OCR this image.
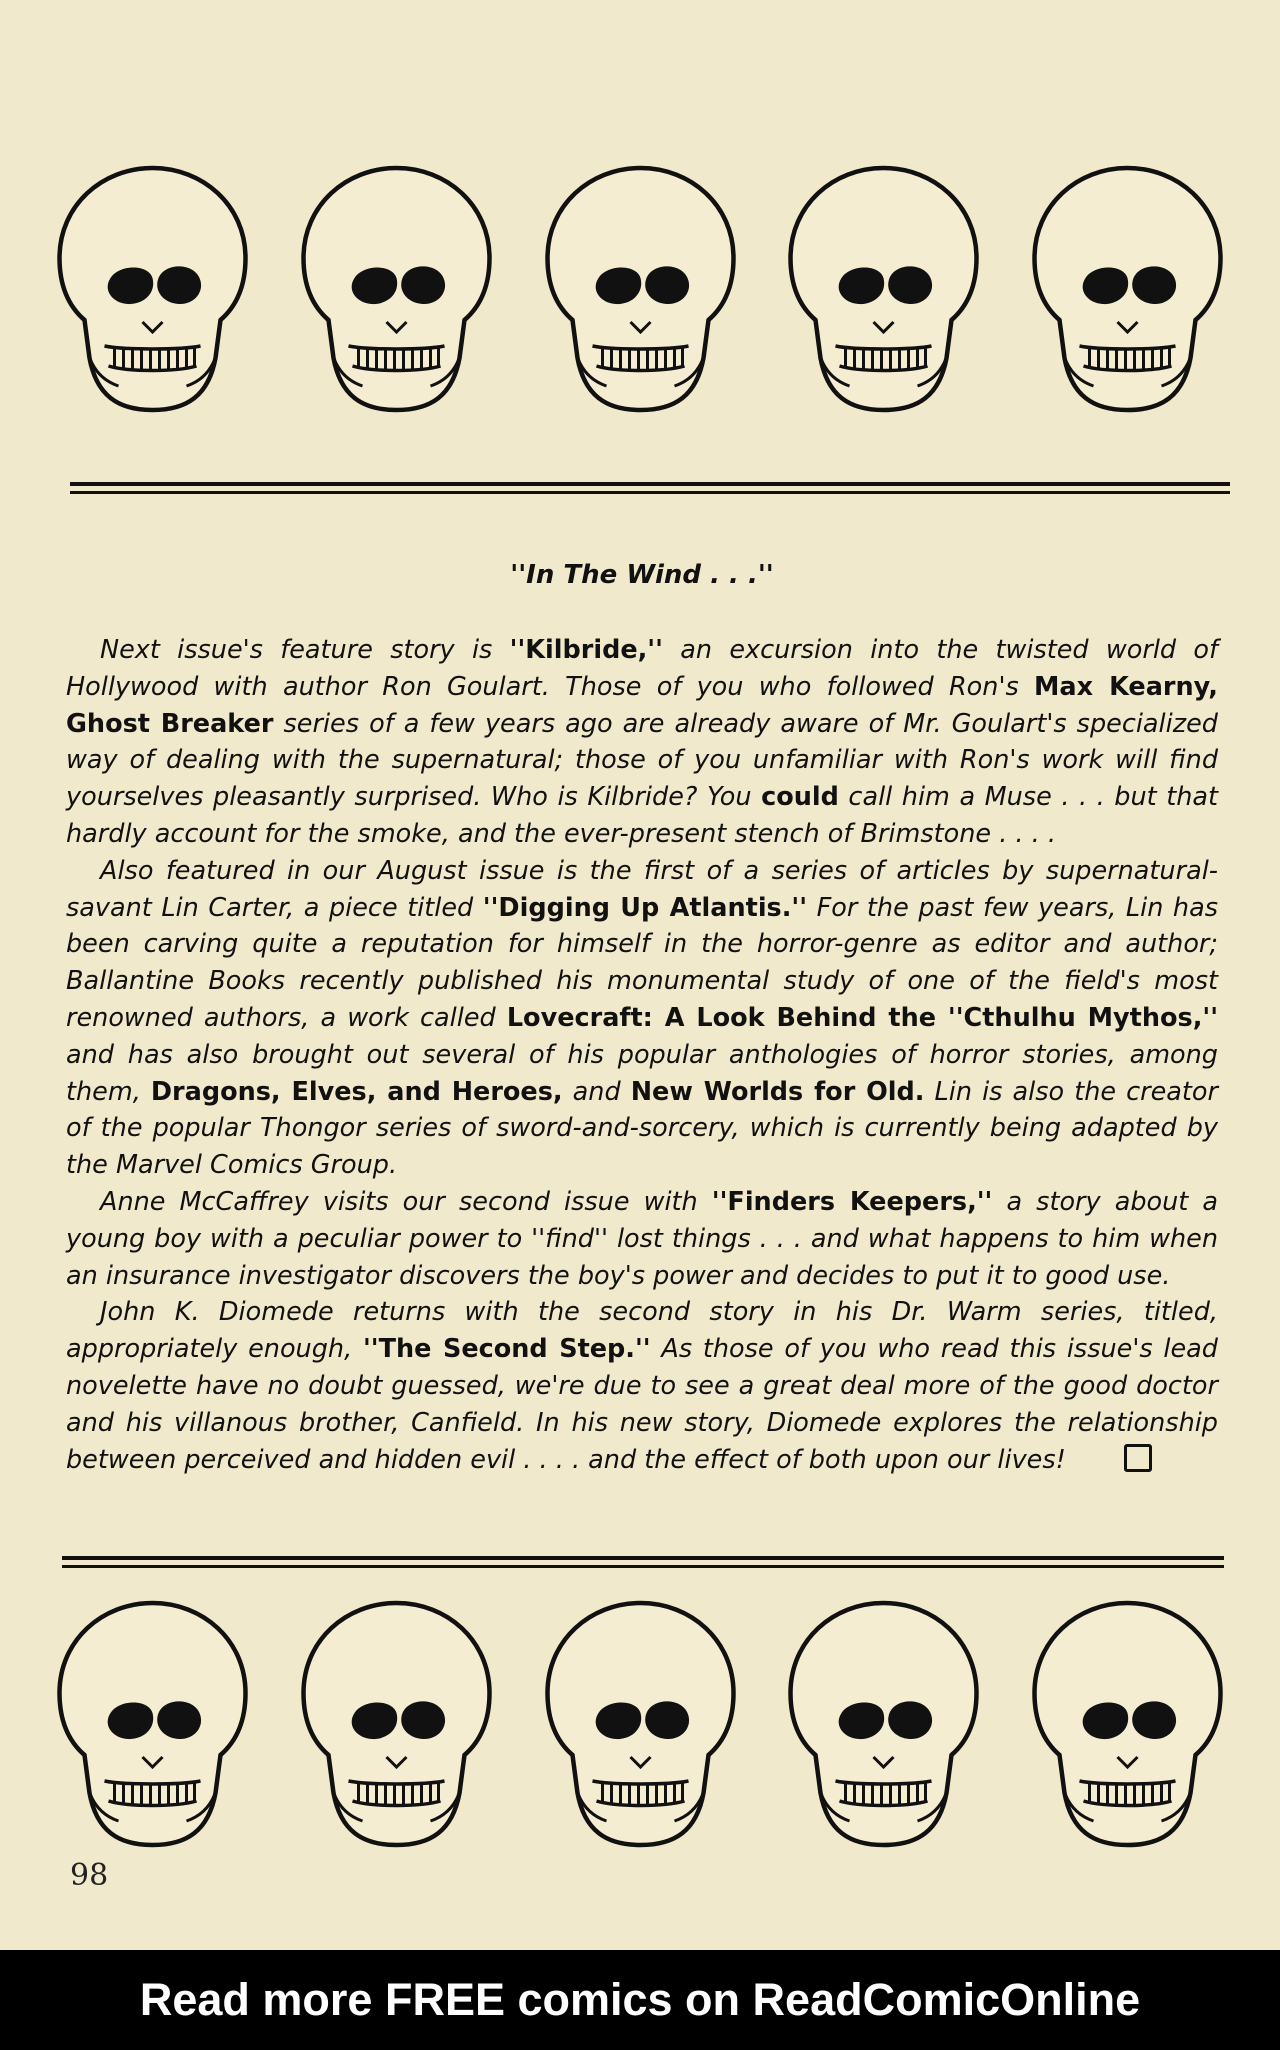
''In The Wind . . .''

Next issue's feature story is ''Kilbride,'' an excursion into the twisted world of Hollywood with author Ron Goulart. Those of you who followed Ron's Max Kearny, Ghost Breaker series of a few years ago are already aware of Mr. Goulart's specialized way of dealing with the supernatural; those of you unfamiliar with Ron's work will find yourselves pleasantly surprised. Who is Kilbride? You could call him a Muse . . . but that hardly account for the smoke, and the ever-present stench of Brimstone . . . .

Also featured in our August issue is the first of a series of articles by supernatural-savant Lin Carter, a piece titled ''Digging Up Atlantis.'' For the past few years, Lin has been carving quite a reputation for himself in the horror-genre as editor and author; Ballantine Books recently published his monumental study of one of the field's most renowned authors, a work called Lovecraft: A Look Behind the ''Cthulhu Mythos,'' and has also brought out several of his popular anthologies of horror stories, among them, Dragons, Elves, and Heroes, and New Worlds for Old. Lin is also the creator of the popular Thongor series of sword-and-sorcery, which is currently being adapted by the Marvel Comics Group.

Anne McCaffrey visits our second issue with ''Finders Keepers,'' a story about a young boy with a peculiar power to ''find'' lost things . . . and what happens to him when an insurance investigator discovers the boy's power and decides to put it to good use.

John K. Diomede returns with the second story in his Dr. Warm series, titled, appropriately enough, ''The Second Step.'' As those of you who read this issue's lead novelette have no doubt guessed, we're due to see a great deal more of the good doctor and his villanous brother, Canfield. In his new story, Diomede explores the relationship between perceived and hidden evil . . . . and the effect of both upon our lives!

98
Read more FREE comics on ReadComicOnline
